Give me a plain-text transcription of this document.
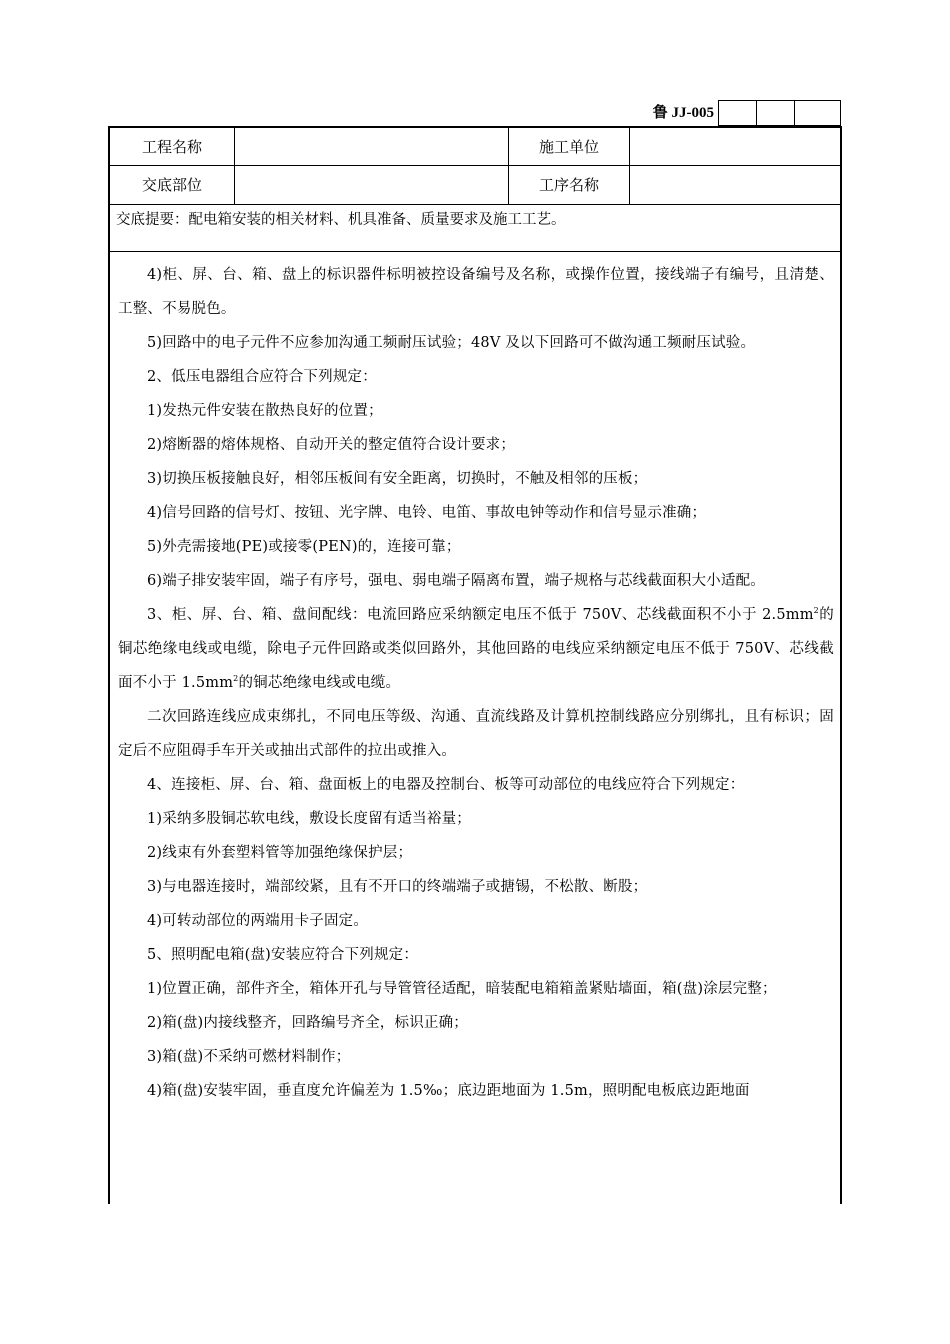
鲁 JJ-005
工程名称	施工单位
交底部位	工序名称
交底提要：配电箱安装的相关材料、机具准备、质量要求及施工工艺。

4)柜、屏、台、箱、盘上的标识器件标明被控设备编号及名称，或操作位置，接线端子有编号，且清楚、工整、不易脱色。

5)回路中的电子元件不应参加沟通工频耐压试验；48V 及以下回路可不做沟通工频耐压试验。

2、低压电器组合应符合下列规定：

1)发热元件安装在散热良好的位置；

2)熔断器的熔体规格、自动开关的整定值符合设计要求；

3)切换压板接触良好，相邻压板间有安全距离，切换时，不触及相邻的压板；

4)信号回路的信号灯、按钮、光字牌、电铃、电笛、事故电钟等动作和信号显示准确；

5)外壳需接地(PE)或接零(PEN)的，连接可靠；

6)端子排安装牢固，端子有序号，强电、弱电端子隔离布置，端子规格与芯线截面积大小适配。

3、柜、屏、台、箱、盘间配线：电流回路应采纳额定电压不低于 750V、芯线截面积不小于 $2.5mm^2$的铜芯绝缘电线或电缆，除电子元件回路或类似回路外，其他回路的电线应采纳额定电压不低于 750V、芯线截面不小于 $1.5mm^2$的铜芯绝缘电线或电缆。

二次回路连线应成束绑扎，不同电压等级、沟通、直流线路及计算机控制线路应分别绑扎，且有标识；固定后不应阻碍手车开关或抽出式部件的拉出或推入。

4、连接柜、屏、台、箱、盘面板上的电器及控制台、板等可动部位的电线应符合下列规定：

1)采纳多股铜芯软电线，敷设长度留有适当裕量；

2)线束有外套塑料管等加强绝缘保护层；

3)与电器连接时，端部绞紧，且有不开口的终端端子或搪锡，不松散、断股；

4)可转动部位的两端用卡子固定。

5、照明配电箱(盘)安装应符合下列规定：

1)位置正确，部件齐全，箱体开孔与导管管径适配，暗装配电箱箱盖紧贴墙面，箱(盘)涂层完整；

2)箱(盘)内接线整齐，回路编号齐全，标识正确；

3)箱(盘)不采纳可燃材料制作；

4)箱(盘)安装牢固，垂直度允许偏差为 1.5‰；底边距地面为 1.5m，照明配电板底边距地面
